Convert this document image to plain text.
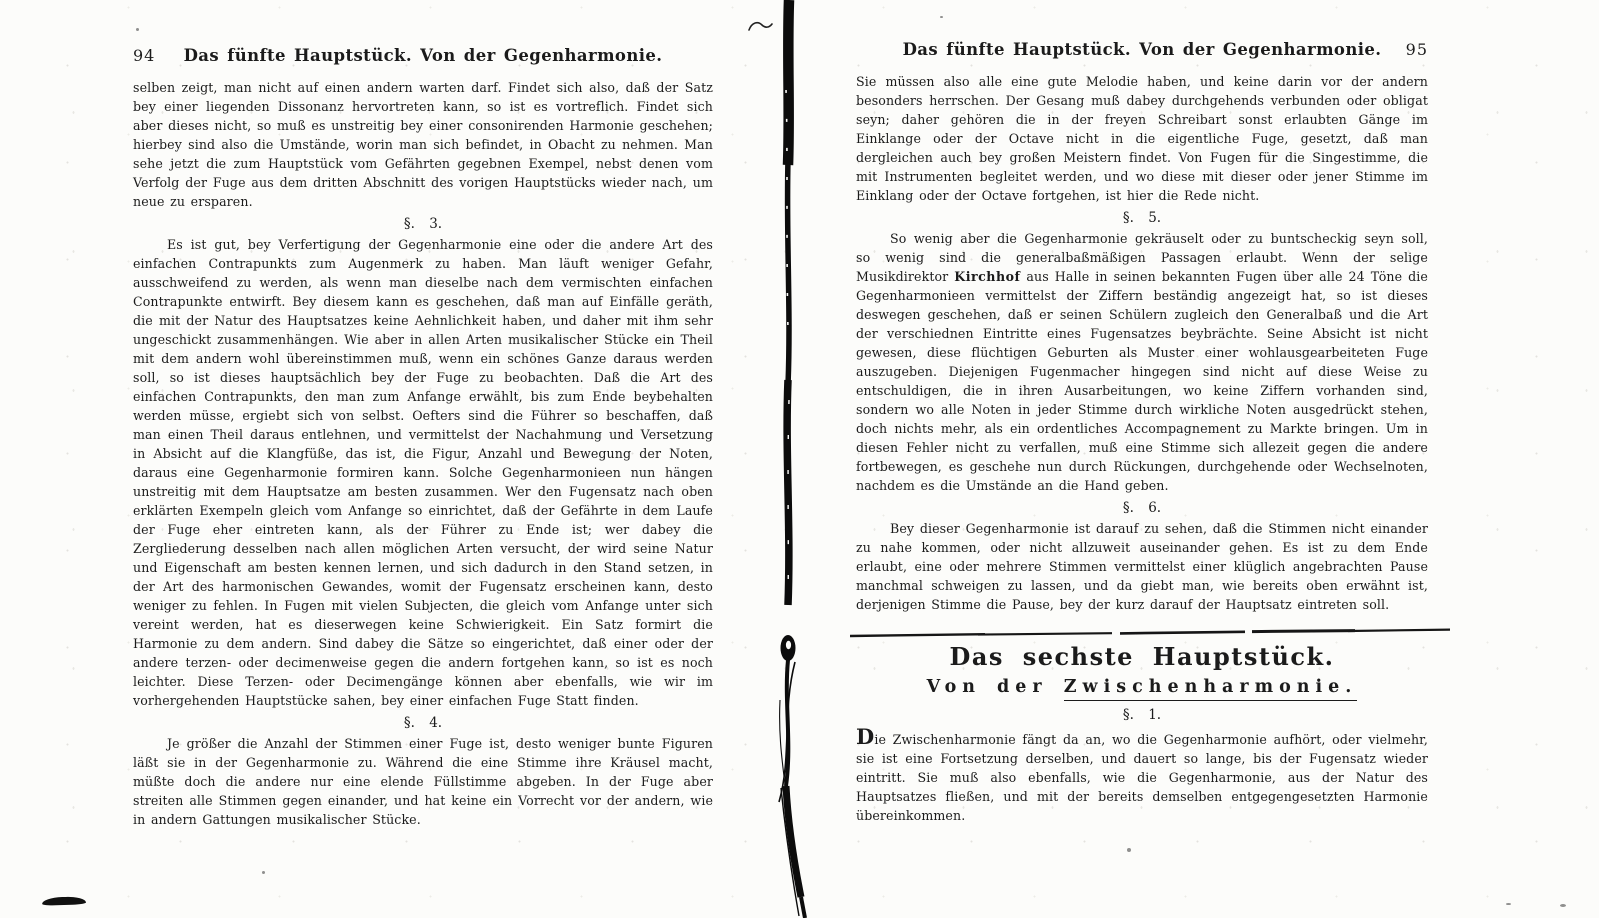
94	Das fünfte Hauptstück. Von der Gegenharmonie.

selben zeigt, man nicht auf einen andern warten darf. Findet sich also, daß der Satz bey einer liegenden Dissonanz hervortreten kann, so ist es vortreflich. Findet sich aber dieses nicht, so muß es unstreitig bey einer consonirenden Harmonie geschehen; hierbey sind also die Umstände, worin man sich befindet, in Obacht zu nehmen. Man sehe jetzt die zum Hauptstück vom Gefährten gegebnen Exempel, nebst denen vom Verfolg der Fuge aus dem dritten Abschnitt des vorigen Hauptstücks wieder nach, um neue zu ersparen.

§. 3.

Es ist gut, bey Verfertigung der Gegenharmonie eine oder die andere Art des einfachen Contrapunkts zum Augenmerk zu haben. Man läuft weniger Gefahr, ausschweifend zu werden, als wenn man dieselbe nach dem vermischten einfachen Contrapunkte entwirft. Bey diesem kann es geschehen, daß man auf Einfälle geräth, die mit der Natur des Hauptsatzes keine Aehnlichkeit haben, und daher mit ihm sehr ungeschickt zusammenhängen. Wie aber in allen Arten musikalischer Stücke ein Theil mit dem andern wohl übereinstimmen muß, wenn ein schönes Ganze daraus werden soll, so ist dieses hauptsächlich bey der Fuge zu beobachten. Daß die Art des einfachen Contrapunkts, den man zum Anfange erwählt, bis zum Ende beybehalten werden müsse, ergiebt sich von selbst. Oefters sind die Führer so beschaffen, daß man einen Theil daraus entlehnen, und vermittelst der Nachahmung und Versetzung in Absicht auf die Klangfüße, das ist, die Figur, Anzahl und Bewegung der Noten, daraus eine Gegenharmonie formiren kann. Solche Gegenharmonieen nun hängen unstreitig mit dem Hauptsatze am besten zusammen. Wer den Fugensatz nach oben erklärten Exempeln gleich vom Anfange so einrichtet, daß der Gefährte in dem Laufe der Fuge eher eintreten kann, als der Führer zu Ende ist; wer dabey die Zergliederung desselben nach allen möglichen Arten versucht, der wird seine Natur und Eigenschaft am besten kennen lernen, und sich dadurch in den Stand setzen, in der Art des harmonischen Gewandes, womit der Fugensatz erscheinen kann, desto weniger zu fehlen. In Fugen mit vielen Subjecten, die gleich vom Anfange unter sich vereint werden, hat es dieserwegen keine Schwierigkeit. Ein Satz formirt die Harmonie zu dem andern. Sind dabey die Sätze so eingerichtet, daß einer oder der andere terzen- oder decimenweise gegen die andern fortgehen kann, so ist es noch leichter. Diese Terzen- oder Decimengänge können aber ebenfalls, wie wir im vorhergehenden Hauptstücke sahen, bey einer einfachen Fuge Statt finden.

§. 4.

Je größer die Anzahl der Stimmen einer Fuge ist, desto weniger bunte Figuren läßt sie in der Gegenharmonie zu. Während die eine Stimme ihre Kräusel macht, müßte doch die andere nur eine elende Füllstimme abgeben. In der Fuge aber streiten alle Stimmen gegen einander, und hat keine ein Vorrecht vor der andern, wie in andern Gattungen musikalischer Stücke.

Das fünfte Hauptstück. Von der Gegenharmonie.	95

Sie müssen also alle eine gute Melodie haben, und keine darin vor der andern besonders herrschen. Der Gesang muß dabey durchgehends verbunden oder obligat seyn; daher gehören die in der freyen Schreibart sonst erlaubten Gänge im Einklange oder der Octave nicht in die eigentliche Fuge, gesetzt, daß man dergleichen auch bey großen Meistern findet. Von Fugen für die Singestimme, die mit Instrumenten begleitet werden, und wo diese mit dieser oder jener Stimme im Einklang oder der Octave fortgehen, ist hier die Rede nicht.

§. 5.

So wenig aber die Gegenharmonie gekräuselt oder zu buntscheckig seyn soll, so wenig sind die generalbaßmäßigen Passagen erlaubt. Wenn der selige Musikdirektor Kirchhof aus Halle in seinen bekannten Fugen über alle 24 Töne die Gegenharmonieen vermittelst der Ziffern beständig angezeigt hat, so ist dieses deswegen geschehen, daß er seinen Schülern zugleich den Generalbaß und die Art der verschiednen Eintritte eines Fugensatzes beybrächte. Seine Absicht ist nicht gewesen, diese flüchtigen Geburten als Muster einer wohlausgearbeiteten Fuge auszugeben. Diejenigen Fugenmacher hingegen sind nicht auf diese Weise zu entschuldigen, die in ihren Ausarbeitungen, wo keine Ziffern vorhanden sind, sondern wo alle Noten in jeder Stimme durch wirkliche Noten ausgedrückt stehen, doch nichts mehr, als ein ordentliches Accompagnement zu Markte bringen. Um in diesen Fehler nicht zu verfallen, muß eine Stimme sich allezeit gegen die andere fortbewegen, es geschehe nun durch Rückungen, durchgehende oder Wechselnoten, nachdem es die Umstände an die Hand geben.

§. 6.

Bey dieser Gegenharmonie ist darauf zu sehen, daß die Stimmen nicht einander zu nahe kommen, oder nicht allzuweit auseinander gehen. Es ist zu dem Ende erlaubt, eine oder mehrere Stimmen vermittelst einer klüglich angebrachten Pause manchmal schweigen zu lassen, und da giebt man, wie bereits oben erwähnt ist, derjenigen Stimme die Pause, bey der kurz darauf der Hauptsatz eintreten soll.

Das sechste Hauptstück.
Von der Zwischenharmonie.
§. 1.

Die Zwischenharmonie fängt da an, wo die Gegenharmonie aufhört, oder vielmehr, sie ist eine Fortsetzung derselben, und dauert so lange, bis der Fugensatz wieder eintritt. Sie muß also ebenfalls, wie die Gegenharmonie, aus der Natur des Hauptsatzes fließen, und mit der bereits demselben entgegengesetzten Harmonie übereinkommen.
